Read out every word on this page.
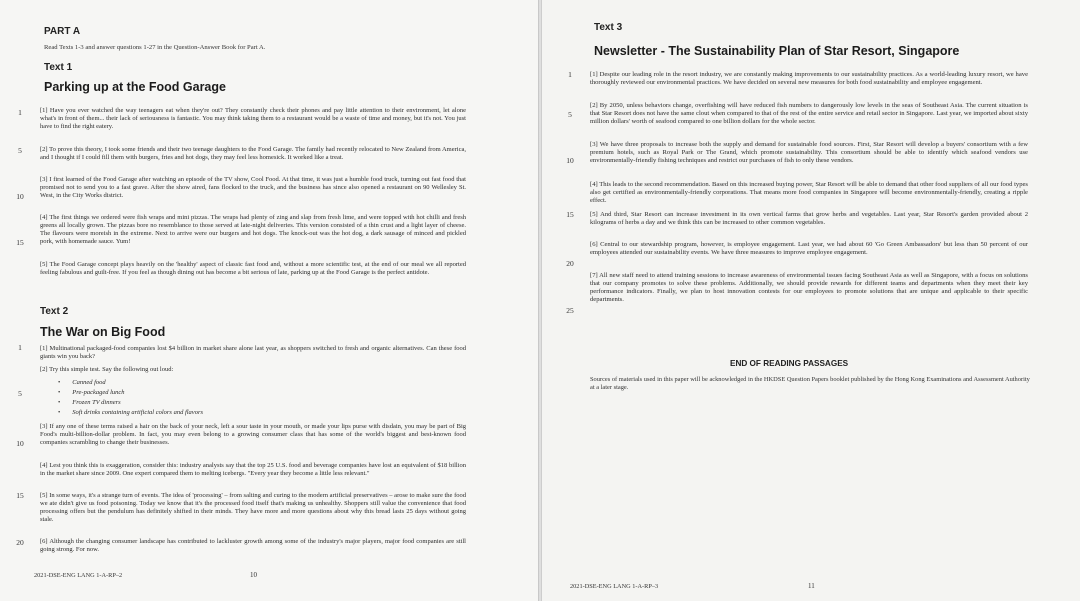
PART A
Read Texts 1-3 and answer questions 1-27 in the Question-Answer Book for Part A.
Text 1
Parking up at the Food Garage

[1] Have you ever watched the way teenagers eat when they're out? They constantly check their phones and pay little attention to their environment, let alone what's in front of them... their lack of seriousness is fantastic. You may think taking them to a restaurant would be a waste of time and money, but it's not. You just have to find the right eatery.

[2] To prove this theory, I took some friends and their two teenage daughters to the Food Garage. The family had recently relocated to New Zealand from America, and I thought if I could fill them with burgers, fries and hot dogs, they may feel less homesick. It worked like a treat.

[3] I first learned of the Food Garage after watching an episode of the TV show, Cool Food. At that time, it was just a humble food truck, turning out fast food that promised not to send you to a fast grave. After the show aired, fans flocked to the truck, and the business has since also opened a restaurant on 90 Wellesley St. West, in the City Works district.

[4] The first things we ordered were fish wraps and mini pizzas. The wraps had plenty of zing and slap from fresh lime, and were topped with hot chilli and fresh greens all locally grown. The pizzas bore no resemblance to those served at late-night deliveries. This version consisted of a thin crust and a light layer of cheese. The flavours were moreish in the extreme. Next to arrive were our burgers and hot dogs. The knock-out was the hot dog, a dark sausage of minced and pickled pork, with homemade sauce. Yum!

[5] The Food Garage concept plays heavily on the 'healthy' aspect of classic fast food and, without a more scientific test, at the end of our meal we all reported feeling fabulous and guilt-free. If you feel as though dining out has become a bit serious of late, parking up at the Food Garage is the perfect antidote.

1
5
10
15
Text 2
The War on Big Food

[1] Multinational packaged-food companies lost $4 billion in market share alone last year, as shoppers switched to fresh and organic alternatives. Can these food giants win you back?

[2] Try this simple test. Say the following out loud:

• Canned food
• Pre-packaged lunch
• Frozen TV dinners
• Soft drinks containing artificial colors and flavors

[3] If any one of these terms raised a hair on the back of your neck, left a sour taste in your mouth, or made your lips purse with disdain, you may be part of Big Food's multi-billion-dollar problem. In fact, you may even belong to a growing consumer class that has some of the world's biggest and best-known food companies scrambling to change their businesses.

[4] Lest you think this is exaggeration, consider this: industry analysts say that the top 25 U.S. food and beverage companies have lost an equivalent of $18 billion in the market share since 2009. One expert compared them to melting icebergs. "Every year they become a little less relevant."

[5] In some ways, it's a strange turn of events. The idea of 'processing' – from salting and curing to the modern artificial preservatives – arose to make sure the food we ate didn't give us food poisoning. Today we know that it's the processed food itself that's making us unhealthy. Shoppers still value the convenience that food processing offers but the pendulum has definitely shifted in their minds. They have more and more questions about why this bread lasts 25 days without going stale.

[6] Although the changing consumer landscape has contributed to lackluster growth among some of the industry's major players, major food companies are still going strong. For now.

1
5
10
15
20
2021-DSE-ENG LANG 1-A-RP–2	10
Text 3
Newsletter - The Sustainability Plan of Star Resort, Singapore

[1] Despite our leading role in the resort industry, we are constantly making improvements to our sustainability practices. As a world-leading luxury resort, we have thoroughly reviewed our environmental practices. We have decided on several new measures for both food sustainability and employee engagement.

[2] By 2050, unless behaviors change, overfishing will have reduced fish numbers to dangerously low levels in the seas of Southeast Asia. The current situation is that Star Resort does not have the same clout when compared to that of the rest of the entire service and retail sector in Singapore. Last year, we imported about sixty million dollars' worth of seafood compared to one billion dollars for the whole sector.

[3] We have three proposals to increase both the supply and demand for sustainable food sources. First, Star Resort will develop a buyers' consortium with a few premium hotels, such as Royal Park or The Grand, which promote sustainability. This consortium should be able to identify which seafood vendors use environmentally-friendly fishing techniques and restrict our purchases of fish to only these vendors.

[4] This leads to the second recommendation. Based on this increased buying power, Star Resort will be able to demand that other food suppliers of all our food types also get certified as environmentally-friendly corporations. That means more food companies in Singapore will become environmentally-friendly, creating a ripple effect.

[5] And third, Star Resort can increase investment in its own vertical farms that grow herbs and vegetables. Last year, Star Resort's garden provided about 2 kilograms of herbs a day and we think this can be increased to other common vegetables.

[6] Central to our stewardship program, however, is employee engagement. Last year, we had about 60 'Go Green Ambassadors' but less than 50 percent of our employees attended our sustainability events. We have three measures to improve employee engagement.

[7] All new staff need to attend training sessions to increase awareness of environmental issues facing Southeast Asia as well as Singapore, with a focus on solutions that our company promotes to solve these problems. Additionally, we should provide rewards for different teams and departments when they meet their key performance indicators. Finally, we plan to host innovation contests for our employees to promote solutions that are unique and applicable to their specific departments.

1
5
10
15
20
25
END OF READING PASSAGES
Sources of materials used in this paper will be acknowledged in the HKDSE Question Papers booklet published by the Hong Kong Examinations and Assessment Authority at a later stage.
2021-DSE-ENG LANG 1-A-RP–3	11
